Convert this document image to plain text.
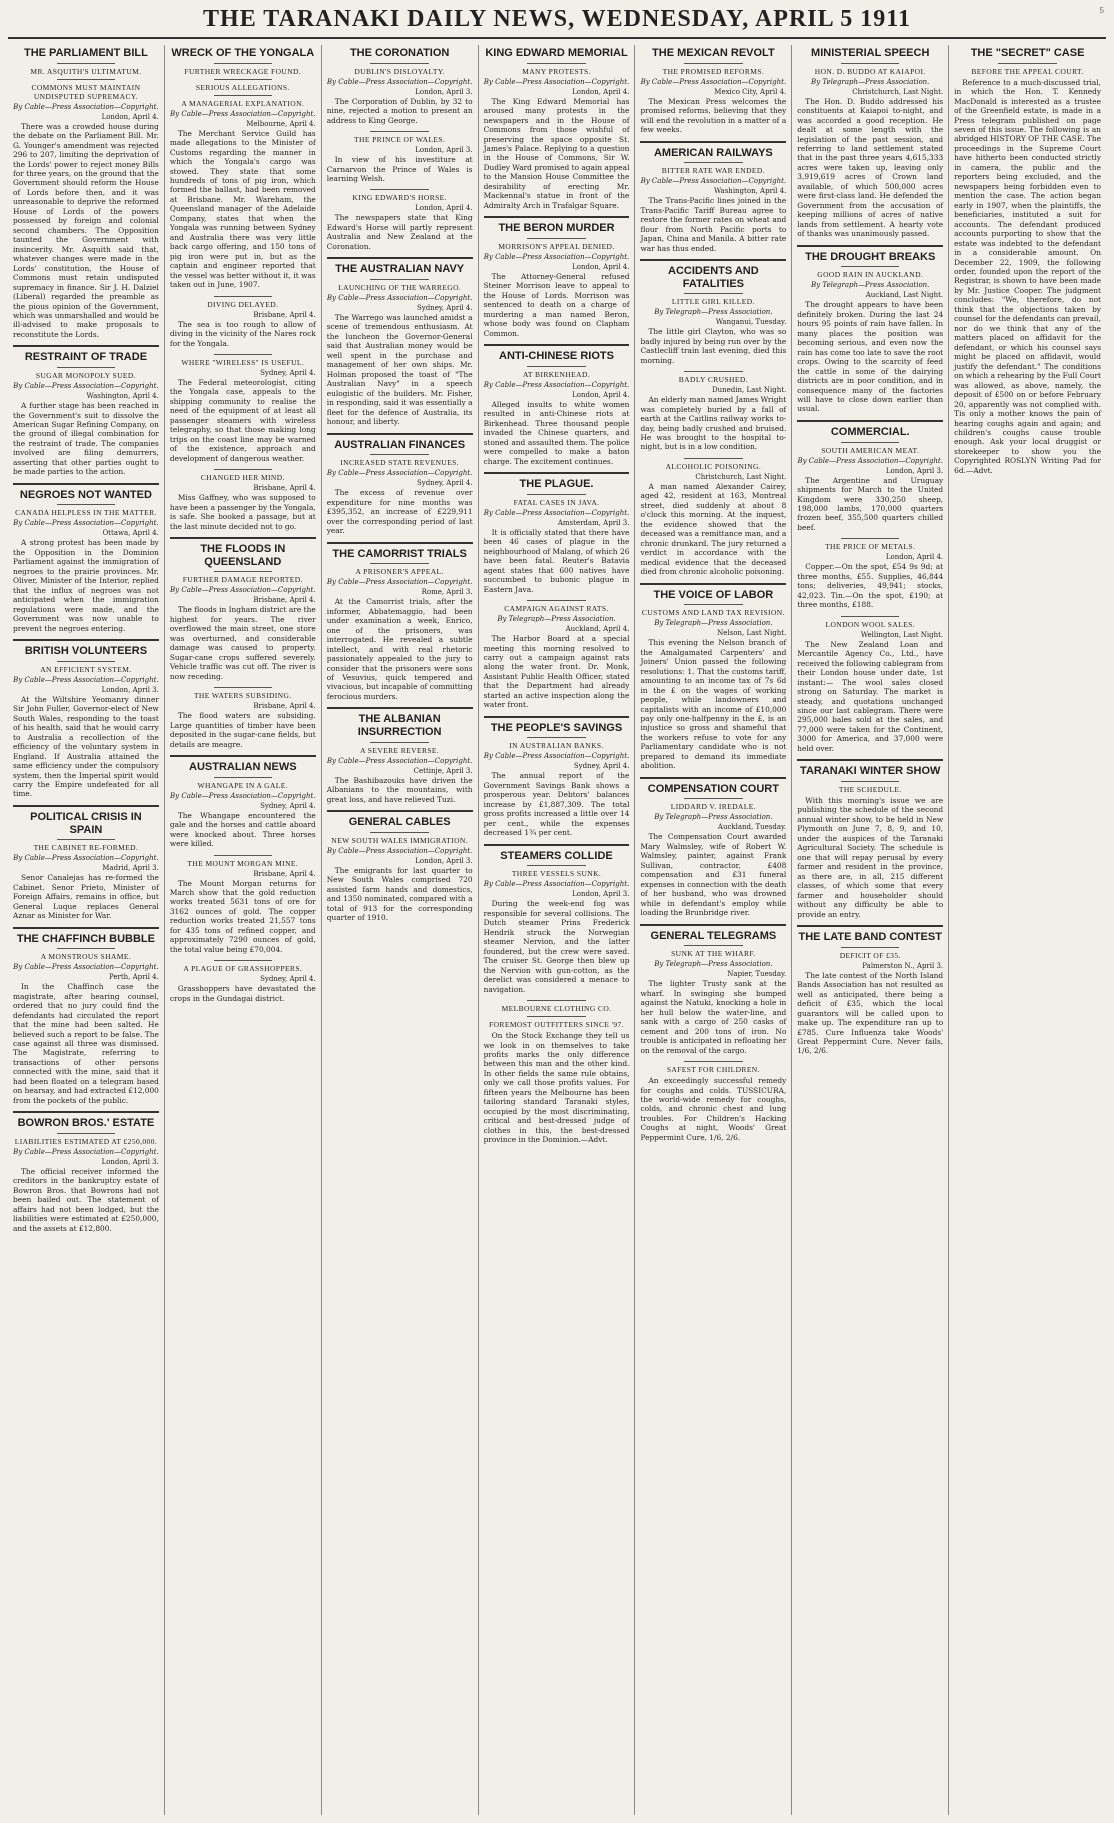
THE TARANAKI DAILY NEWS, WEDNESDAY, APRIL 5 1911	5
THE PARLIAMENT BILL
MR. ASQUITH'S ULTIMATUM.
COMMONS MUST MAINTAIN UNDISPUTED SUPREMACY.
By Cable—Press Association—Copyright.
London, April 4.

There was a crowded house during the debate on the Parliament Bill. Mr. G. Younger's amendment was rejected 296 to 207, limiting the deprivation of the Lords' power to reject money Bills for three years, on the ground that the Government should reform the House of Lords before then, and it was unreasonable to deprive the reformed House of Lords of the powers possessed by foreign and colonial second chambers. The Opposition taunted the Government with insincerity. Mr. Asquith said that, whatever changes were made in the Lords' constitution, the House of Commons must retain undisputed supremacy in finance. Sir J. H. Dalziel (Liberal) regarded the preamble as the pious opinion of the Government, which was unmarshalled and would be ill-advised to make proposals to reconstitute the Lords.

RESTRAINT OF TRADE
SUGAR MONOPOLY SUED.
By Cable—Press Association—Copyright.
Washington, April 4.

A further stage has been reached in the Government's suit to dissolve the American Sugar Refining Company, on the ground of illegal combination for the restraint of trade. The companies involved are filing demurrers, asserting that other parties ought to be made parties to the action.

NEGROES NOT WANTED
CANADA HELPLESS IN THE MATTER.
By Cable—Press Association—Copyright.
Ottawa, April 4.

A strong protest has been made by the Opposition in the Dominion Parliament against the immigration of negroes to the prairie provinces. Mr. Oliver, Minister of the Interior, replied that the influx of negroes was not anticipated when the immigration regulations were made, and the Government was now unable to prevent the negroes entering.

BRITISH VOLUNTEERS
AN EFFICIENT SYSTEM.
By Cable—Press Association—Copyright.
London, April 3.

At the Wiltshire Yeomanry dinner Sir John Fuller, Governor-elect of New South Wales, responding to the toast of his health, said that he would carry to Australia a recollection of the efficiency of the voluntary system in England. If Australia attained the same efficiency under the compulsory system, then the Imperial spirit would carry the Empire undefeated for all time.

POLITICAL CRISIS IN SPAIN
THE CABINET RE-FORMED.
By Cable—Press Association—Copyright.
Madrid, April 3.

Senor Canalejas has re-formed the Cabinet. Senor Prieto, Minister of Foreign Affairs, remains in office, but General Luque replaces General Aznar as Minister for War.

THE CHAFFINCH BUBBLE
A MONSTROUS SHAME.
By Cable—Press Association—Copyright.
Perth, April 4.

In the Chaffinch case the magistrate, after hearing counsel, ordered that no jury could find the defendants had circulated the report that the mine had been salted. He believed such a report to be false. The case against all three was dismissed. The Magistrate, referring to transactions of other persons connected with the mine, said that it had been floated on a telegram based on hearsay, and had extracted £12,000 from the pockets of the public.

BOWRON BROS.' ESTATE
LIABILITIES ESTIMATED AT £250,000.
By Cable—Press Association—Copyright.
London, April 3.

The official receiver informed the creditors in the bankruptcy estate of Bowron Bros. that Bowrons had not been bailed out. The statement of affairs had not been lodged, but the liabilities were estimated at £250,000, and the assets at £12,800.

WRECK OF THE YONGALA
FURTHER WRECKAGE FOUND.
SERIOUS ALLEGATIONS.
A MANAGERIAL EXPLANATION.
By Cable—Press Association—Copyright.
Melbourne, April 4.

The Merchant Service Guild has made allegations to the Minister of Customs regarding the manner in which the Yongala's cargo was stowed. They state that some hundreds of tons of pig iron, which formed the ballast, had been removed at Brisbane. Mr. Wareham, the Queensland manager of the Adelaide Company, states that when the Yongala was running between Sydney and Australia there was very little back cargo offering, and 150 tons of pig iron were put in, but as the captain and engineer reported that the vessel was better without it, it was taken out in June, 1907.

DIVING DELAYED.
Brisbane, April 4.

The sea is too rough to allow of diving in the vicinity of the Nares rock for the Yongala.

WHERE "WIRELESS" IS USEFUL.
Sydney, April 4.

The Federal meteorologist, citing the Yongala case, appeals to the shipping community to realise the need of the equipment of at least all passenger steamers with wireless telegraphy, so that those making long trips on the coast line may be warned of the existence, approach and development of dangerous weather.

CHANGED HER MIND.
Brisbane, April 4.

Miss Gaffney, who was supposed to have been a passenger by the Yongala, is safe. She booked a passage, but at the last minute decided not to go.

THE FLOODS IN QUEENSLAND
FURTHER DAMAGE REPORTED.
By Cable—Press Association—Copyright.
Brisbane, April 4.

The floods in Ingham district are the highest for years. The river overflowed the main street, one store was overturned, and considerable damage was caused to property. Sugar-cane crops suffered severely. Vehicle traffic was cut off. The river is now receding.

THE WATERS SUBSIDING.
Brisbane, April 4.

The flood waters are subsiding. Large quantities of timber have been deposited in the sugar-cane fields, but details are meagre.

AUSTRALIAN NEWS
WHANGAPE IN A GALE.
By Cable—Press Association—Copyright.
Sydney, April 4.

The Whangape encountered the gale and the horses and cattle aboard were knocked about. Three horses were killed.

THE MOUNT MORGAN MINE.
Brisbane, April 4.

The Mount Morgan returns for March show that the gold reduction works treated 5631 tons of ore for 3162 ounces of gold. The copper reduction works treated 21,557 tons for 435 tons of refined copper, and approximately 7290 ounces of gold, the total value being £70,004.

A PLAGUE OF GRASSHOPPERS.
Sydney, April 4.

Grasshoppers have devastated the crops in the Gundagai district.

THE CORONATION
DUBLIN'S DISLOYALTY.
By Cable—Press Association—Copyright.
London, April 3.

The Corporation of Dublin, by 32 to nine, rejected a motion to present an address to King George.

THE PRINCE OF WALES.
London, April 3.

In view of his investiture at Carnarvon the Prince of Wales is learning Welsh.

KING EDWARD'S HORSE.
London, April 4.

The newspapers state that King Edward's Horse will partly represent Australia and New Zealand at the Coronation.

THE AUSTRALIAN NAVY
LAUNCHING OF THE WARREGO.
By Cable—Press Association—Copyright.
Sydney, April 4.

The Warrego was launched amidst a scene of tremendous enthusiasm. At the luncheon the Governor-General said that Australian money would be well spent in the purchase and management of her own ships. Mr. Holman proposed the toast of "The Australian Navy" in a speech eulogistic of the builders. Mr. Fisher, in responding, said it was essentially a fleet for the defence of Australia, its honour, and liberty.

AUSTRALIAN FINANCES
INCREASED STATE REVENUES.
By Cable—Press Association—Copyright.
Sydney, April 4.

The excess of revenue over expenditure for nine months was £395,352, an increase of £229,911 over the corresponding period of last year.

THE CAMORRIST TRIALS
A PRISONER'S APPEAL.
By Cable—Press Association—Copyright.
Rome, April 3.

At the Camorrist trials, after the informer, Abbatemaggio, had been under examination a week, Enrico, one of the prisoners, was interrogated. He revealed a subtle intellect, and with real rhetoric passionately appealed to the jury to consider that the prisoners were sons of Vesuvius, quick tempered and vivacious, but incapable of committing ferocious murders.

THE ALBANIAN INSURRECTION
A SEVERE REVERSE.
By Cable—Press Association—Copyright.
Cettinje, April 3.

The Bashibazouks have driven the Albanians to the mountains, with great loss, and have relieved Tuzi.

GENERAL CABLES
NEW SOUTH WALES IMMIGRATION.
By Cable—Press Association—Copyright.
London, April 3.

The emigrants for last quarter to New South Wales comprised 720 assisted farm hands and domestics, and 1350 nominated, compared with a total of 913 for the corresponding quarter of 1910.

KING EDWARD MEMORIAL
MANY PROTESTS.
By Cable—Press Association—Copyright.
London, April 4.

The King Edward Memorial has aroused many protests in the newspapers and in the House of Commons from those wishful of preserving the space opposite St. James's Palace. Replying to a question in the House of Commons, Sir W. Dudley Ward promised to again appeal to the Mansion House Committee the desirability of erecting Mr. Mackennal's statue in front of the Admiralty Arch in Trafalgar Square.

THE BERON MURDER
MORRISON'S APPEAL DENIED.
By Cable—Press Association—Copyright.
London, April 4.

The Attorney-General refused Steiner Morrison leave to appeal to the House of Lords. Morrison was sentenced to death on a charge of murdering a man named Beron, whose body was found on Clapham Common.

ANTI-CHINESE RIOTS
AT BIRKENHEAD.
By Cable—Press Association—Copyright.
London, April 4.

Alleged insults to white women resulted in anti-Chinese riots at Birkenhead. Three thousand people invaded the Chinese quarters, and stoned and assaulted them. The police were compelled to make a baton charge. The excitement continues.

THE PLAGUE.
FATAL CASES IN JAVA.
By Cable—Press Association—Copyright.
Amsterdam, April 3.

It is officially stated that there have been 46 cases of plague in the neighbourhood of Malang, of which 26 have been fatal. Reuter's Batavia agent states that 600 natives have succumbed to bubonic plague in Eastern Java.

CAMPAIGN AGAINST RATS.
By Telegraph—Press Association.
Auckland, April 4.

The Harbor Board at a special meeting this morning resolved to carry out a campaign against rats along the water front. Dr. Monk, Assistant Public Health Officer, stated that the Department had already started an active inspection along the water front.

THE PEOPLE'S SAVINGS
IN AUSTRALIAN BANKS.
By Cable—Press Association—Copyright.
Sydney, April 4.

The annual report of the Government Savings Bank shows a prosperous year. Debtors' balances increase by £1,887,309. The total gross profits increased a little over 14 per cent., while the expenses decreased 1¾ per cent.

STEAMERS COLLIDE
THREE VESSELS SUNK.
By Cable—Press Association—Copyright.
London, April 3.

During the week-end fog was responsible for several collisions. The Dutch steamer Prins Frederick Hendrik struck the Norwegian steamer Nervion, and the latter foundered, but the crew were saved. The cruiser St. George then blew up the Nervion with gun-cotton, as the derelict was considered a menace to navigation.

MELBOURNE CLOTHING CO.
FOREMOST OUTFITTERS SINCE '97.

On the Stock Exchange they tell us we look in on themselves to take profits marks the only difference between this man and the other kind. In other fields the same rule obtains, only we call those profits values. For fifteen years the Melbourne has been tailoring standard Taranaki styles, occupied by the most discriminating, critical and best-dressed judge of clothes in this, the best-dressed province in the Dominion.—Advt.

THE MEXICAN REVOLT
THE PROMISED REFORMS.
By Cable—Press Association—Copyright.
Mexico City, April 4.

The Mexican Press welcomes the promised reforms, believing that they will end the revolution in a matter of a few weeks.

AMERICAN RAILWAYS
BITTER RATE WAR ENDED.
By Cable—Press Association—Copyright.
Washington, April 4.

The Trans-Pacific lines joined in the Trans-Pacific Tariff Bureau agree to restore the former rates on wheat and flour from North Pacific ports to Japan, China and Manila. A bitter rate war has thus ended.

ACCIDENTS AND FATALITIES
LITTLE GIRL KILLED.
By Telegraph—Press Association.
Wanganui, Tuesday.

The little girl Clayton, who was so badly injured by being run over by the Castlecliff train last evening, died this morning.

BADLY CRUSHED.
Dunedin, Last Night.

An elderly man named James Wright was completely buried by a fall of earth at the Caitlins railway works to-day, being badly crushed and bruised. He was brought to the hospital to-night, but is in a low condition.

ALCOHOLIC POISONING.
Christchurch, Last Night.

A man named Alexander Cairey, aged 42, resident at 163, Montreal street, died suddenly at about 8 o'clock this morning. At the inquest, the evidence showed that the deceased was a remittance man, and a chronic drunkard. The jury returned a verdict in accordance with the medical evidence that the deceased died from chronic alcoholic poisoning.

THE VOICE OF LABOR
CUSTOMS AND LAND TAX REVISION.
By Telegraph—Press Association.
Nelson, Last Night.

This evening the Nelson branch of the Amalgamated Carpenters' and Joiners' Union passed the following resolutions: 1. That the customs tariff, amounting to an income tax of 7s 6d in the £ on the wages of working people, while landowners and capitalists with an income of £10,000 pay only one-halfpenny in the £, is an injustice so gross and shameful that the workers refuse to vote for any Parliamentary candidate who is not prepared to demand its immediate abolition.

COMPENSATION COURT
LIDDARD V. IREDALE.
By Telegraph—Press Association.
Auckland, Tuesday.

The Compensation Court awarded Mary Walmsley, wife of Robert W. Walmsley, painter, against Frank Sullivan, contractor, £408 compensation and £31 funeral expenses in connection with the death of her husband, who was drowned while in defendant's employ while loading the Brunbridge river.

GENERAL TELEGRAMS
SUNK AT THE WHARF.
By Telegraph—Press Association.
Napier, Tuesday.

The lighter Trusty sank at the wharf. In swinging she bumped against the Natuki, knocking a hole in her hull below the water-line, and sank with a cargo of 250 casks of cement and 200 tons of iron. No trouble is anticipated in refloating her on the removal of the cargo.

SAFEST FOR CHILDREN.

An exceedingly successful remedy for coughs and colds. TUSSICURA, the world-wide remedy for coughs, colds, and chronic chest and lung troubles. For Children's Hacking Coughs at night, Woods' Great Peppermint Cure, 1/6, 2/6.

MINISTERIAL SPEECH
HON. D. BUDDO AT KAIAPOI.
By Telegraph—Press Association.
Christchurch, Last Night.

The Hon. D. Buddo addressed his constituents at Kaiapoi to-night, and was accorded a good reception. He dealt at some length with the legislation of the past session, and referring to land settlement stated that in the past three years 4,615,333 acres were taken up, leaving only 3,919,619 acres of Crown land available, of which 500,000 acres were first-class land. He defended the Government from the accusation of keeping millions of acres of native lands from settlement. A hearty vote of thanks was unanimously passed.

THE DROUGHT BREAKS
GOOD RAIN IN AUCKLAND.
By Telegraph—Press Association.
Auckland, Last Night.

The drought appears to have been definitely broken. During the last 24 hours 95 points of rain have fallen. In many places the position was becoming serious, and even now the rain has come too late to save the root crops. Owing to the scarcity of feed the cattle in some of the dairying districts are in poor condition, and in consequence many of the factories will have to close down earlier than usual.

COMMERCIAL.
SOUTH AMERICAN MEAT.
By Cable—Press Association—Copyright.
London, April 3.

The Argentine and Uruguay shipments for March to the United Kingdom were 330,250 sheep, 198,000 lambs, 170,000 quarters frozen beef, 355,500 quarters chilled beef.

THE PRICE OF METALS.
London, April 4.

Copper.—On the spot, £54 9s 9d; at three months, £55. Supplies, 46,844 tons; deliveries, 49,941; stocks, 42,023. Tin.—On the spot, £190; at three months, £188.

LONDON WOOL SALES.
Wellington, Last Night.

The New Zealand Loan and Mercantile Agency Co., Ltd., have received the following cablegram from their London house under date, 1st instant:— The wool sales closed strong on Saturday. The market is steady, and quotations unchanged since our last cablegram. There were 295,000 bales sold at the sales, and 77,000 were taken for the Continent, 3000 for America, and 37,000 were held over.

TARANAKI WINTER SHOW
THE SCHEDULE.

With this morning's issue we are publishing the schedule of the second annual winter show, to be held in New Plymouth on June 7, 8, 9, and 10, under the auspices of the Taranaki Agricultural Society. The schedule is one that will repay perusal by every farmer and resident in the province, as there are, in all, 215 different classes, of which some that every farmer and householder should without any difficulty be able to provide an entry.

THE LATE BAND CONTEST
DEFICIT OF £35.
Palmerston N., April 3.

The late contest of the North Island Bands Association has not resulted as well as anticipated, there being a deficit of £35, which the local guarantors will be called upon to make up. The expenditure ran up to £785. Cure Influenza take Woods' Great Peppermint Cure. Never fails, 1/6, 2/6.

THE "SECRET" CASE
BEFORE THE APPEAL COURT.

Reference to a much-discussed trial, in which the Hon. T. Kennedy MacDonald is interested as a trustee of the Greenfield estate, is made in a Press telegram published on page seven of this issue. The following is an abridged HISTORY OF THE CASE. The proceedings in the Supreme Court have hitherto been conducted strictly in camera, the public and the reporters being excluded, and the newspapers being forbidden even to mention the case. The action began early in 1907, when the plaintiffs, the beneficiaries, instituted a suit for accounts. The defendant produced accounts purporting to show that the estate was indebted to the defendant in a considerable amount. On December 22, 1909, the following order, founded upon the report of the Registrar, is shown to have been made by Mr. Justice Cooper. The judgment concludes: "We, therefore, do not think that the objections taken by counsel for the defendants can prevail, nor do we think that any of the matters placed on affidavit for the defendant, or which his counsel says might be placed on affidavit, would justify the defendant." The conditions on which a rehearing by the Full Court was allowed, as above, namely, the deposit of £500 on or before February 20, apparently was not complied with. Tis only a mother knows the pain of hearing coughs again and again; and children's coughs cause trouble enough. Ask your local druggist or storekeeper to show you the Copyrighted ROSLYN Writing Pad for 6d.—Advt.
